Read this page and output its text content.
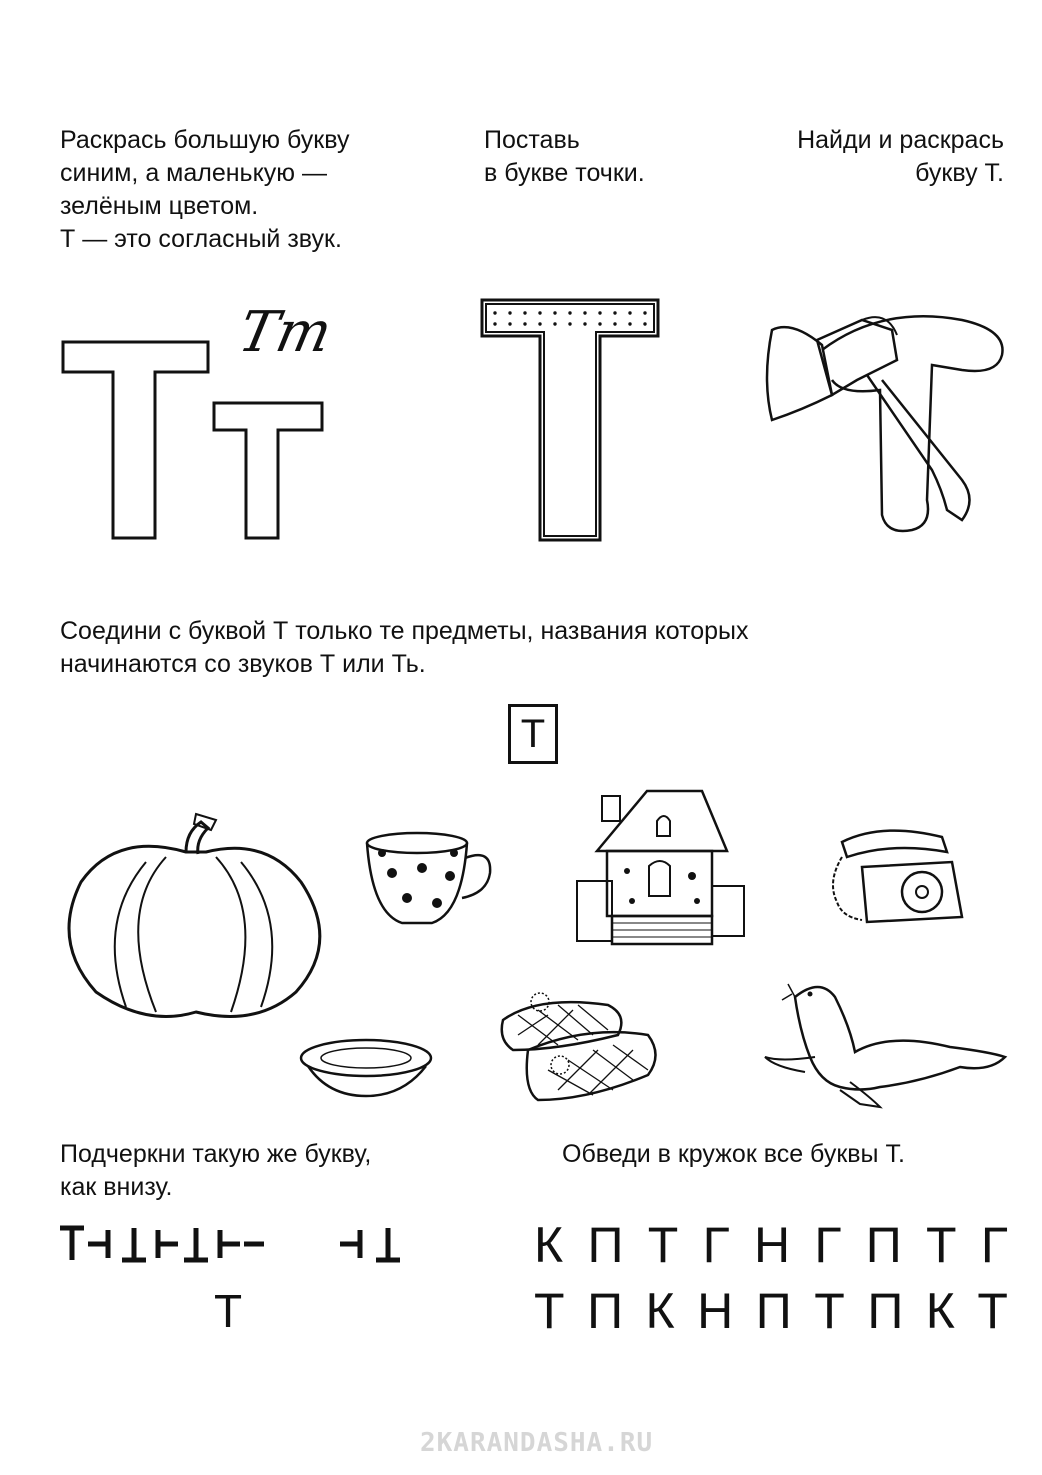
Раскрась большую букву
синим, а маленькую —
зелёным цветом.
Т — это согласный звук.
Поставь
в букве точки.
Найди и раскрась
букву Т.
Тт
Соедини с буквой Т только те предметы, названия которых
начинаются со звуков Т или Ть.
Т
Подчеркни такую же букву,
как внизу.
Т
Обведи в кружок все буквы Т.
К П Т Г Н Г П Т Г
Т П К Н П Т П К Т
2KARANDASHA.RU
